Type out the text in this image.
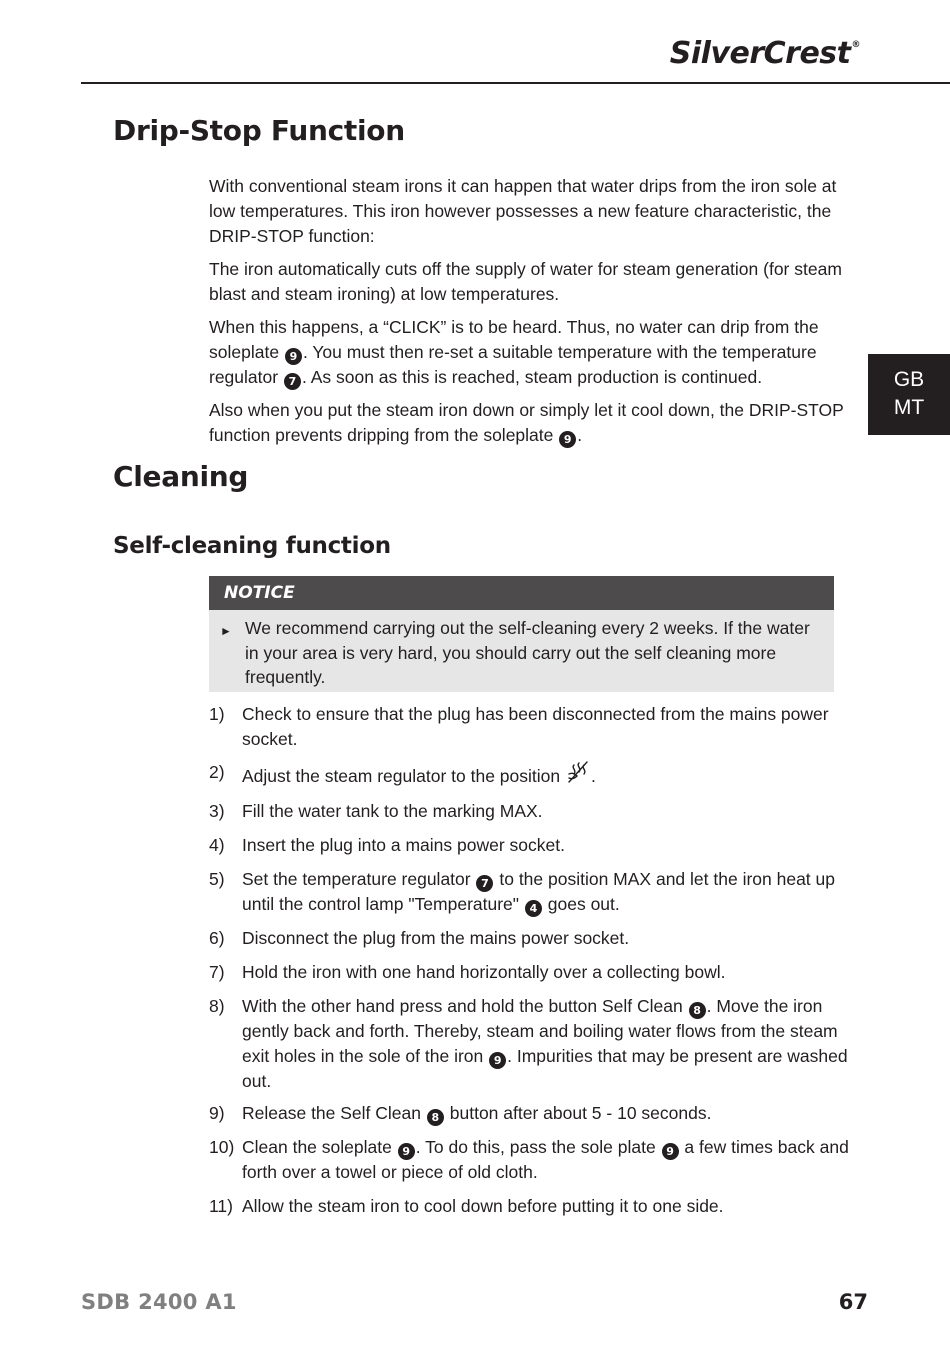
SilverCrest®
GB
MT
Drip-Stop Function

With conventional steam irons it can happen that water drips from the iron sole at low temperatures. This iron however possesses a new feature characteristic, the DRIP-STOP function:

The iron automatically cuts off the supply of water for steam generation (for steam blast and steam ironing) at low temperatures.

When this happens, a “CLICK” is to be heard. Thus, no water can drip from the soleplate 9 . You must then re-set a suitable temperature with the temperature regulator 7 . As soon as this is reached, steam production is continued.

Also when you put the steam iron down or simply let it cool down, the DRIP-STOP function prevents dripping from the soleplate 9 .

Cleaning
Self-cleaning function
NOTICE
► We recommend carrying out the self-cleaning every 2 weeks. If the water in your area is very hard, you should carry out the self cleaning more frequently.
1) Check to ensure that the plug has been disconnected from the mains power socket.
2) Adjust the steam regulator to the position .
3) Fill the water tank to the marking MAX.
4) Insert the plug into a mains power socket.
5) Set the temperature regulator 7 to the position MAX and let the iron heat up until the control lamp "Temperature" 4 goes out.
6) Disconnect the plug from the mains power socket.
7) Hold the iron with one hand horizontally over a collecting bowl.
8) With the other hand press and hold the button Self Clean 8 . Move the iron gently back and forth. Thereby, steam and boiling water flows from the steam exit holes in the sole of the iron 9 . Impurities that may be present are washed out.
9) Release the Self Clean 8 button after about 5 - 10 seconds.
10) Clean the soleplate 9 . To do this, pass the sole plate 9 a few times back and forth over a towel or piece of old cloth.
11) Allow the steam iron to cool down before putting it to one side.
SDB 2400 A1	67
